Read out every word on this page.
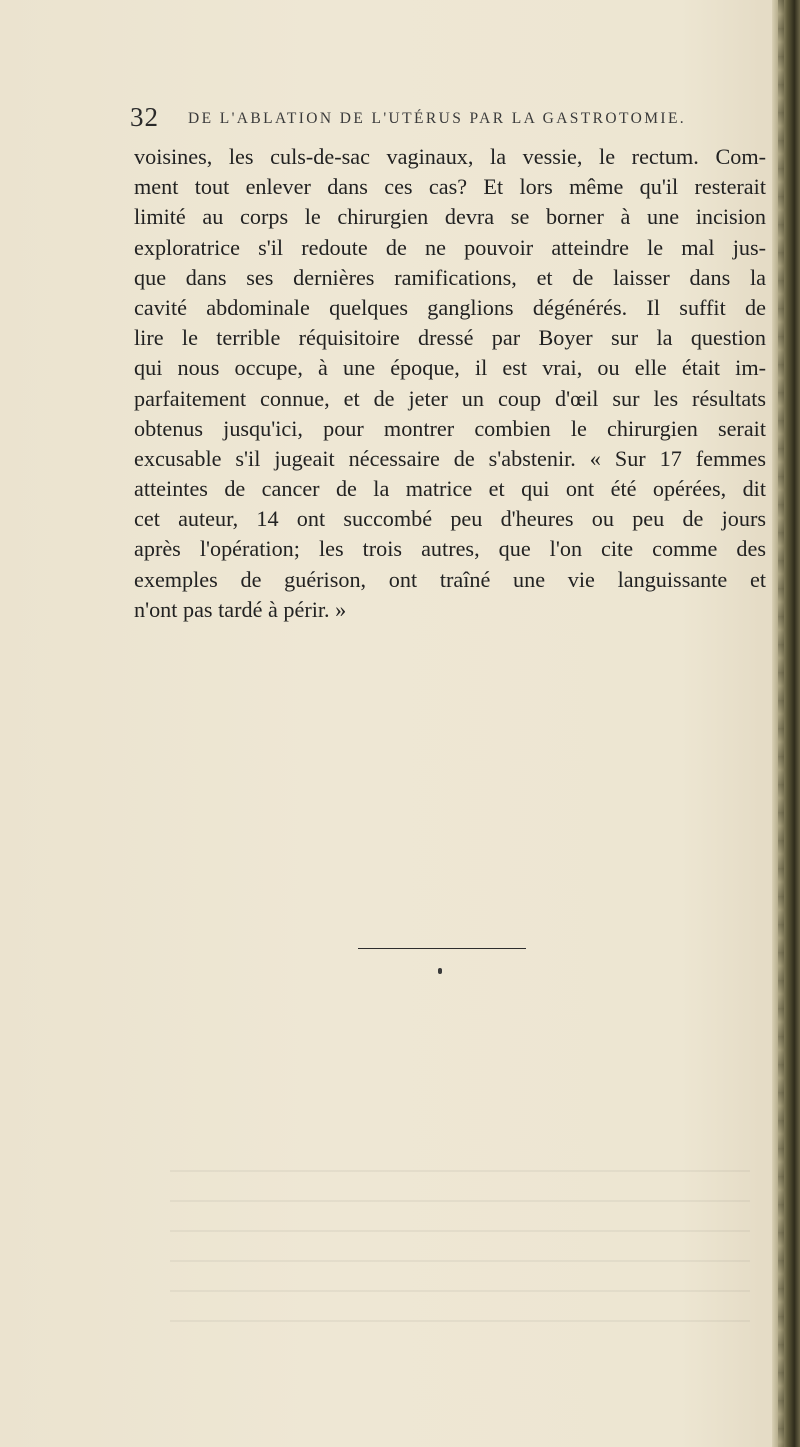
32 DE L'ABLATION DE L'UTÉRUS PAR LA GASTROTOMIE.
voisines, les culs-de-sac vaginaux, la vessie, le rectum. Com-
ment tout enlever dans ces cas? Et lors même qu'il resterait
limité au corps le chirurgien devra se borner à une incision
exploratrice s'il redoute de ne pouvoir atteindre le mal jus-
que dans ses dernières ramifications, et de laisser dans la
cavité abdominale quelques ganglions dégénérés. Il suffit de
lire le terrible réquisitoire dressé par Boyer sur la question
qui nous occupe, à une époque, il est vrai, ou elle était im-
parfaitement connue, et de jeter un coup d'œil sur les résultats
obtenus jusqu'ici, pour montrer combien le chirurgien serait
excusable s'il jugeait nécessaire de s'abstenir. « Sur 17 femmes
atteintes de cancer de la matrice et qui ont été opérées, dit
cet auteur, 14 ont succombé peu d'heures ou peu de jours
après l'opération; les trois autres, que l'on cite comme des
exemples de guérison, ont traîné une vie languissante et
n'ont pas tardé à périr. »
